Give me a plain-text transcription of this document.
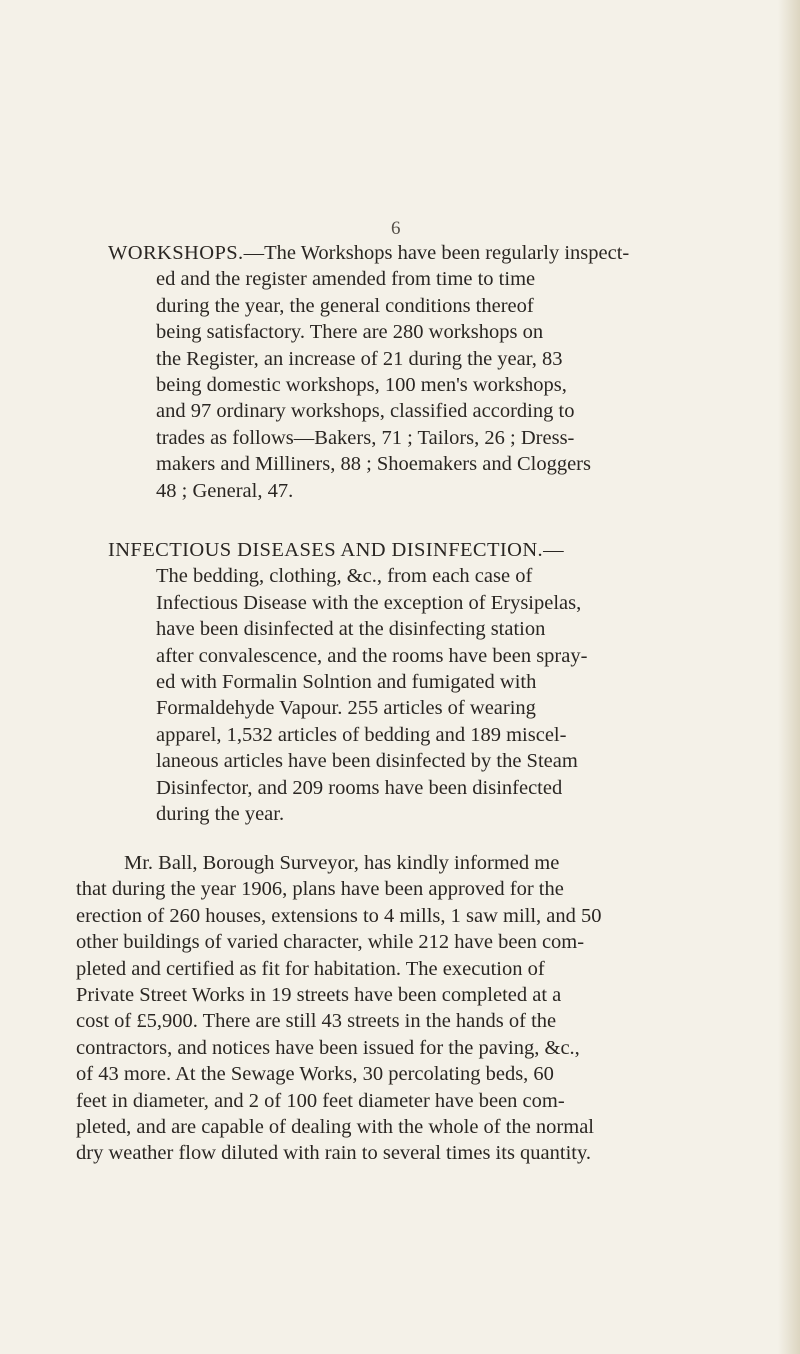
6
WORKSHOPS.—The Workshops have been regularly inspect-
ed and the register amended from time to time
during the year, the general conditions thereof
being satisfactory. There are 280 workshops on
the Register, an increase of 21 during the year, 83
being domestic workshops, 100 men's workshops,
and 97 ordinary workshops, classified according to
trades as follows—Bakers, 71 ; Tailors, 26 ; Dress-
makers and Milliners, 88 ; Shoemakers and Cloggers
48 ; General, 47.
INFECTIOUS DISEASES AND DISINFECTION.—
The bedding, clothing, &c., from each case of
Infectious Disease with the exception of Erysipelas,
have been disinfected at the disinfecting station
after convalescence, and the rooms have been spray-
ed with Formalin Solntion and fumigated with
Formaldehyde Vapour. 255 articles of wearing
apparel, 1,532 articles of bedding and 189 miscel-
laneous articles have been disinfected by the Steam
Disinfector, and 209 rooms have been disinfected
during the year.
Mr. Ball, Borough Surveyor, has kindly informed me
that during the year 1906, plans have been approved for the
erection of 260 houses, extensions to 4 mills, 1 saw mill, and 50
other buildings of varied character, while 212 have been com-
pleted and certified as fit for habitation. The execution of
Private Street Works in 19 streets have been completed at a
cost of £5,900. There are still 43 streets in the hands of the
contractors, and notices have been issued for the paving, &c.,
of 43 more. At the Sewage Works, 30 percolating beds, 60
feet in diameter, and 2 of 100 feet diameter have been com-
pleted, and are capable of dealing with the whole of the normal
dry weather flow diluted with rain to several times its quantity.
